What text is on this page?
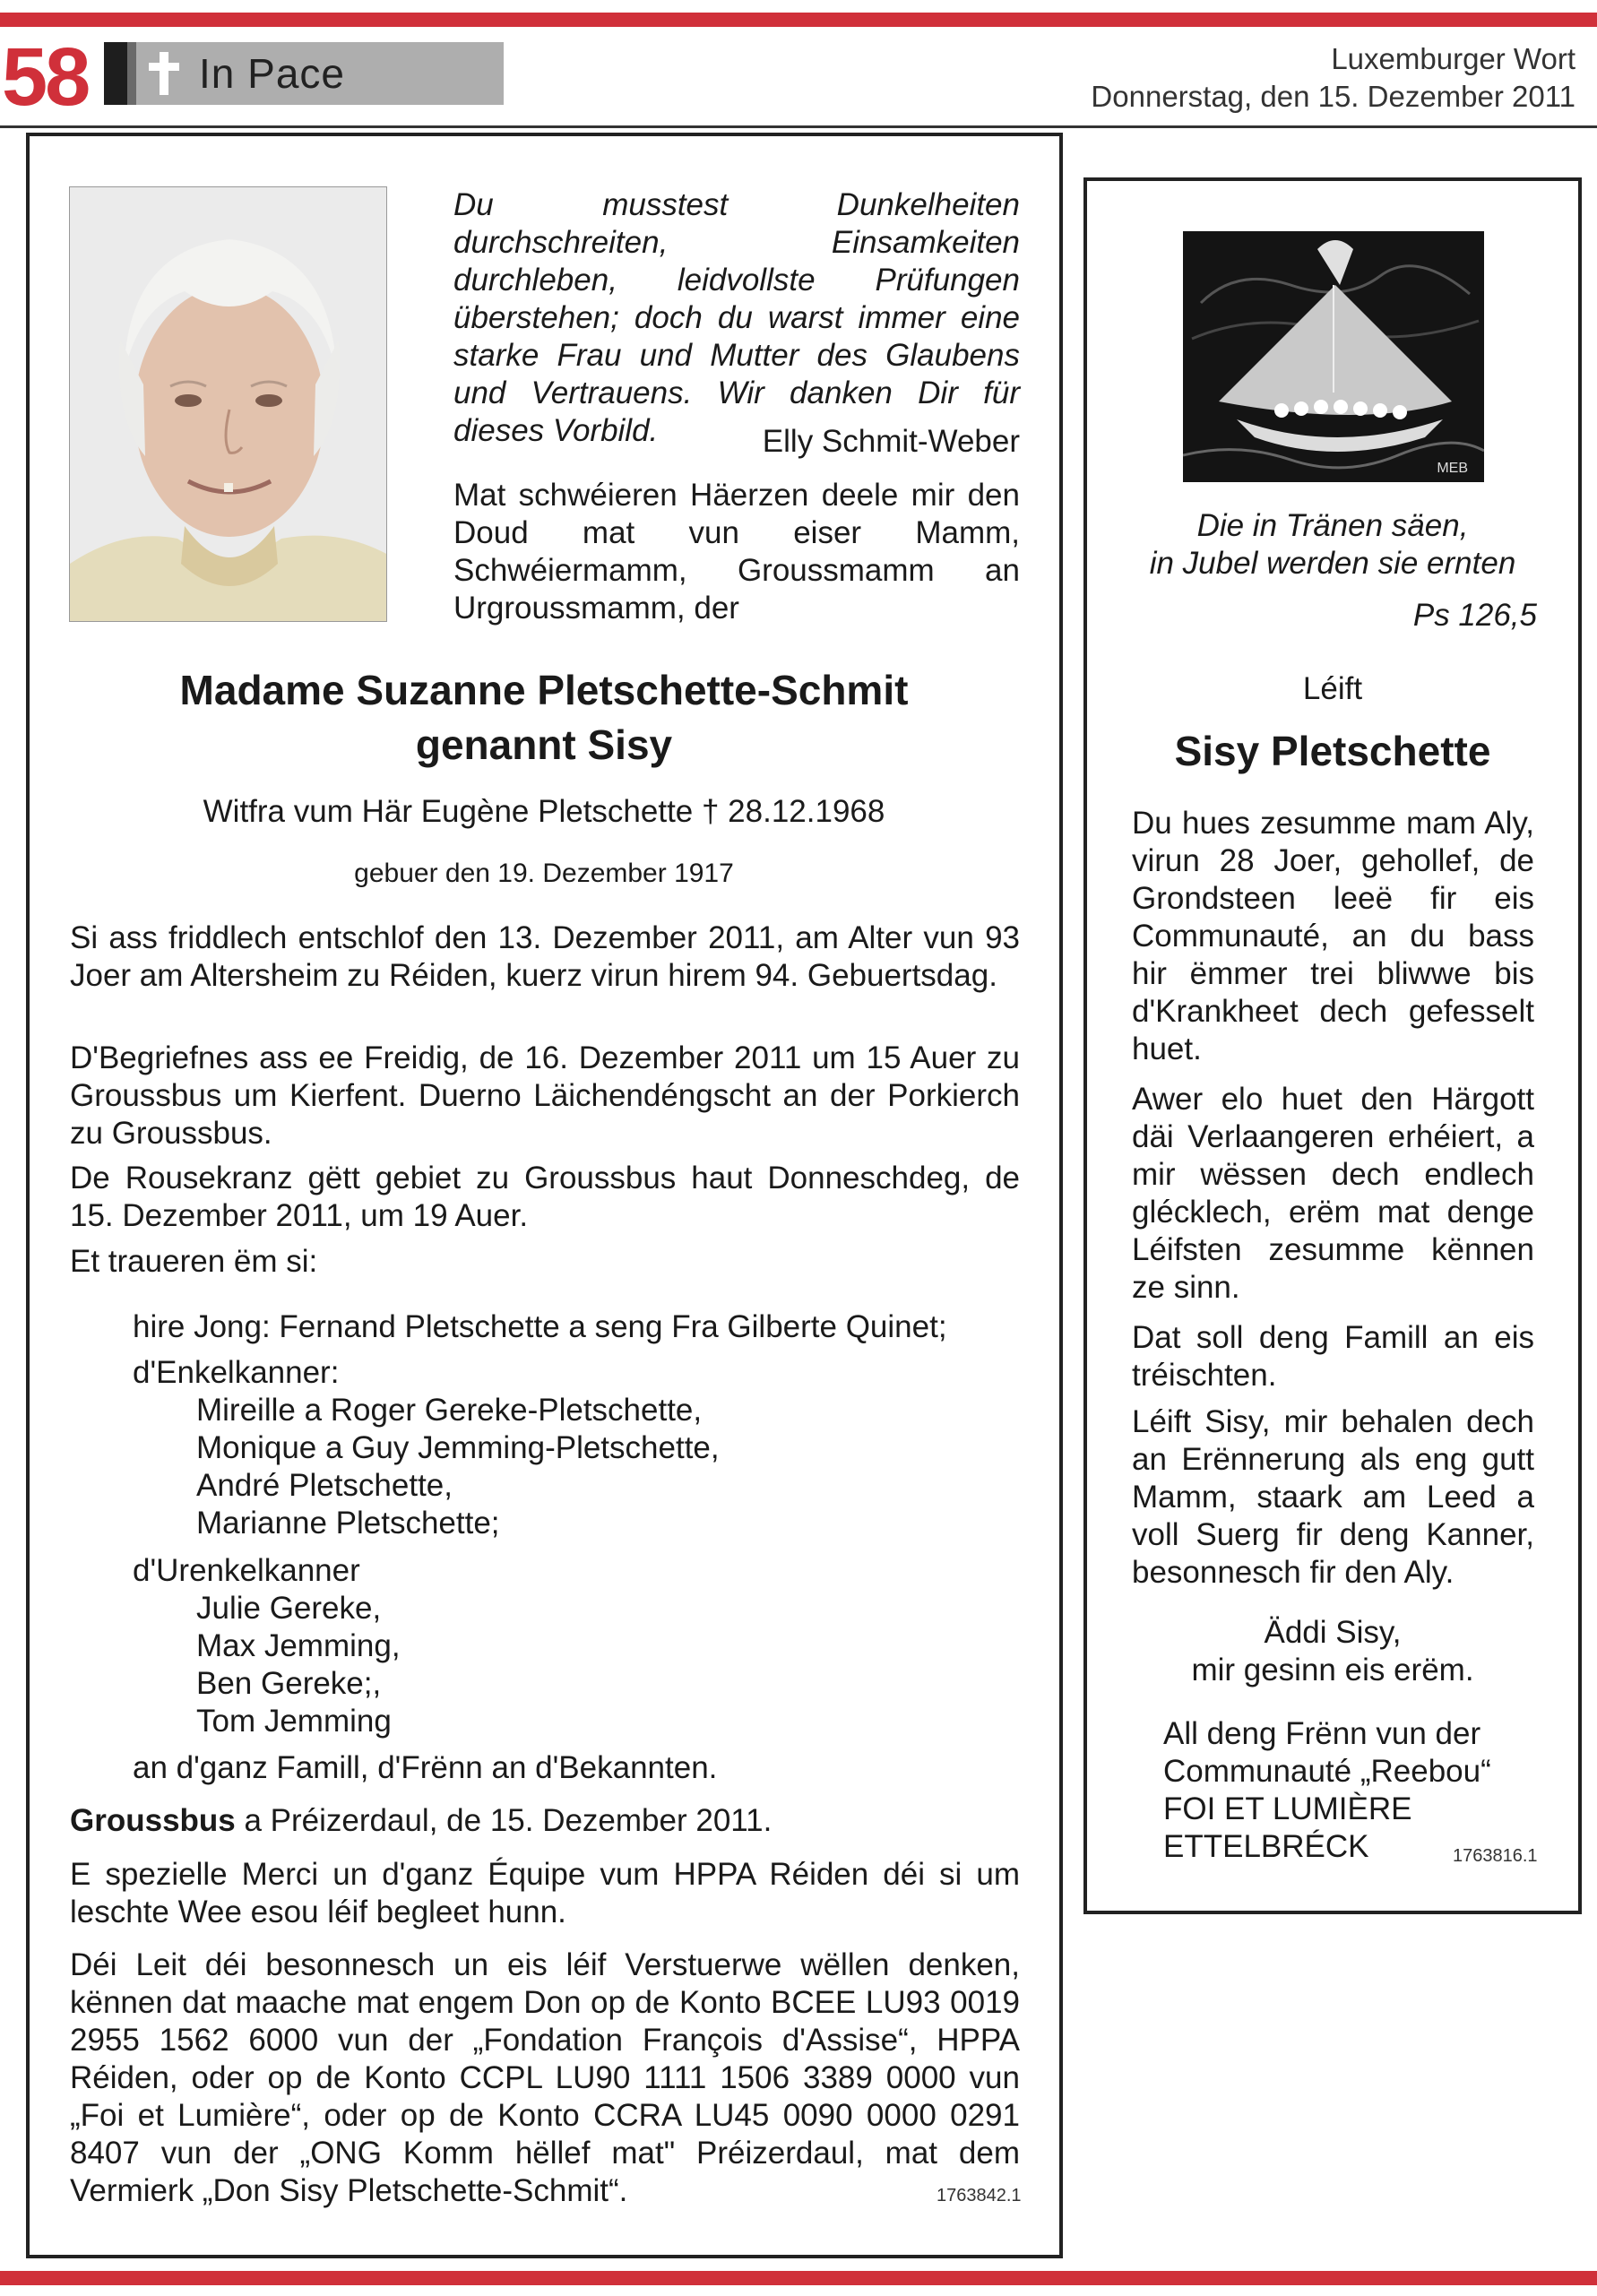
58	In Pace	Luxemburger Wort
Donnerstag, den 15. Dezember 2011
Du musstest Dunkelheiten durchschreiten, Einsamkeiten durchleben, leidvollste Prüfungen überstehen; doch du warst immer eine starke Frau und Mutter des Glaubens und Vertrauens. Wir danken Dir für dieses Vorbild.	Elly Schmit-Weber
Mat schwéieren Häerzen deele mir den Doud mat vun eiser Mamm, Schwéiermamm, Groussmamm an Urgroussmamm, der
Madame Suzanne Pletschette-Schmit
genannt Sisy
Witfra vum Här Eugène Pletschette † 28.12.1968
gebuer den 19. Dezember 1917
Si ass friddlech entschlof den 13. Dezember 2011, am Alter vun 93 Joer am Altersheim zu Réiden, kuerz virun hirem 94. Gebuertsdag.
D'Begriefnes ass ee Freidig, de 16. Dezember 2011 um 15 Auer zu Groussbus um Kierfent. Duerno Läichendéngscht an der Porkierch zu Groussbus.
De Rousekranz gëtt gebiet zu Groussbus haut Donneschdeg, de 15. Dezember 2011, um 19 Auer.
Et traueren ëm si:
hire Jong: Fernand Pletschette a seng Fra Gilberte Quinet;
d'Enkelkanner:
Mireille a Roger Gereke-Pletschette,
Monique a Guy Jemming-Pletschette,
André Pletschette,
Marianne Pletschette;
d'Urenkelkanner
Julie Gereke,
Max Jemming,
Ben Gereke;,
Tom Jemming
an d'ganz Famill, d'Frënn an d'Bekannten.
Groussbus a Préizerdaul, de 15. Dezember 2011.
E spezielle Merci un d'ganz Équipe vum HPPA Réiden déi si um leschte Wee esou léif begleet hunn.
Déi Leit déi besonnesch un eis léif Verstuerwe wëllen denken, kënnen dat maache mat engem Don op de Konto BCEE LU93 0019 2955 1562 6000 vun der „Fondation François d'Assise“, HPPA Réiden, oder op de Konto CCPL LU90 1111 1506 3389 0000 vun „Foi et Lumière“, oder op de Konto CCRA LU45 0090 0000 0291 8407 vun der „ONG Komm hëllef mat" Préizerdaul, mat dem Vermierk „Don Sisy Pletschette-Schmit“.	1763842.1
MEB
Die in Tränen säen,
in Jubel werden sie ernten
Ps 126,5
Léift
Sisy Pletschette
Du hues zesumme mam Aly, virun 28 Joer, gehollef, de Grondsteen leeë fir eis Communauté, an du bass hir ëmmer trei bliwwe bis d'Krankheet dech gefesselt huet.
Awer elo huet den Härgott däi Verlaangeren erhéiert, a mir wëssen dech endlech glécklech, erëm mat denge Léifsten zesumme kënnen ze sinn.
Dat soll deng Famill an eis tréischten.
Léift Sisy, mir behalen dech an Erënnerung als eng gutt Mamm, staark am Leed a voll Suerg fir deng Kanner, besonnesch fir den Aly.
Äddi Sisy,
mir gesinn eis erëm.
All deng Frënn vun der
Communauté „Reebou“
FOI ET LUMIÈRE
ETTELBRÉCK	1763816.1
